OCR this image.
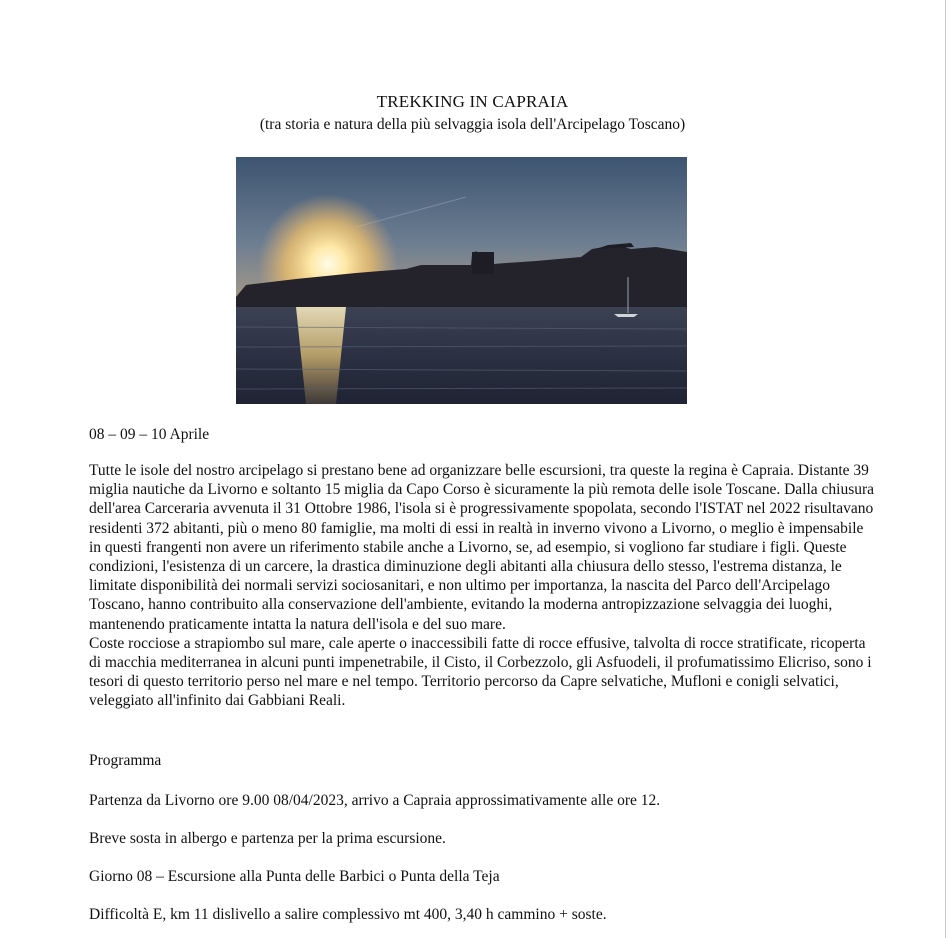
TREKKING IN CAPRAIA
(tra storia e natura della più selvaggia isola dell'Arcipelago Toscano)
08 – 09 – 10 Aprile

Tutte le isole del nostro arcipelago si prestano bene ad organizzare belle escursioni, tra queste la regina è Capraia. Distante 39 miglia nautiche da Livorno e soltanto 15 miglia da Capo Corso è sicuramente la più remota delle isole Toscane. Dalla chiusura dell'area Carceraria avvenuta il 31 Ottobre 1986, l'isola si è progressivamente spopolata, secondo l'ISTAT nel 2022 risultavano residenti 372 abitanti, più o meno 80 famiglie, ma molti di essi in realtà in inverno vivono a Livorno, o meglio è impensabile in questi frangenti non avere un riferimento stabile anche a Livorno, se, ad esempio, si vogliono far studiare i figli. Queste condizioni, l'esistenza di un carcere, la drastica diminuzione degli abitanti alla chiusura dello stesso, l'estrema distanza, le limitate disponibilità dei normali servizi sociosanitari, e non ultimo per importanza, la nascita del Parco dell'Arcipelago Toscano, hanno contribuito alla conservazione dell'ambiente, evitando la moderna antropizzazione selvaggia dei luoghi, mantenendo praticamente intatta la natura dell'isola e del suo mare.

Coste rocciose a strapiombo sul mare, cale aperte o inaccessibili fatte di rocce effusive, talvolta di rocce stratificate, ricoperta di macchia mediterranea in alcuni punti impenetrabile, il Cisto, il Corbezzolo, gli Asfuodeli, il profumatissimo Elicriso, sono i tesori di questo territorio perso nel mare e nel tempo. Territorio percorso da Capre selvatiche, Mufloni e conigli selvatici, veleggiato all'infinito dai Gabbiani Reali.

Programma
Partenza da Livorno ore 9.00 08/04/2023, arrivo a Capraia approssimativamente alle ore 12.
Breve sosta in albergo e partenza per la prima escursione.
Giorno 08 – Escursione alla Punta delle Barbici o Punta della Teja
Difficoltà E, km 11 dislivello a salire complessivo mt 400, 3,40 h cammino + soste.
